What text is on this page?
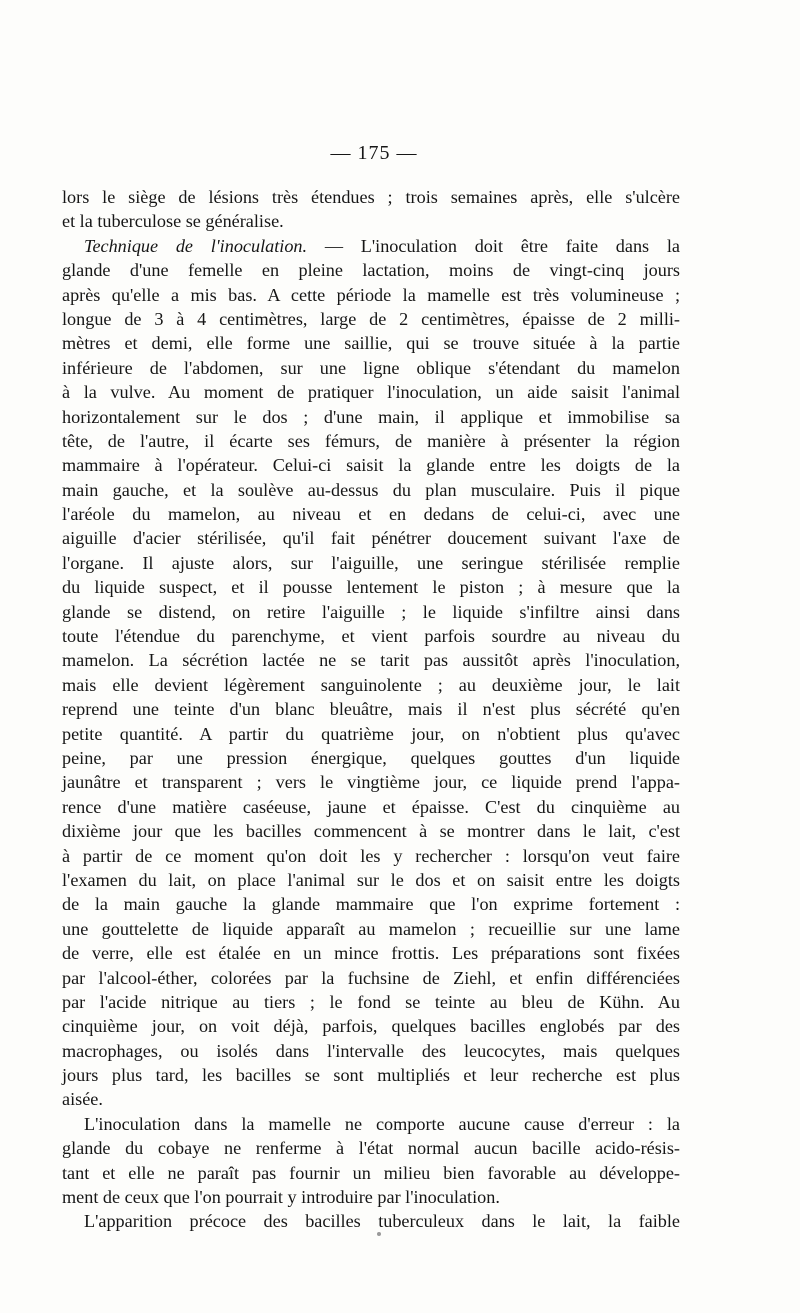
— 175 —
lors le siège de lésions très étendues ; trois semaines après, elle s'ulcère
et la tuberculose se généralise.
Technique de l'inoculation. — L'inoculation doit être faite dans la
glande d'une femelle en pleine lactation, moins de vingt-cinq jours
après qu'elle a mis bas. A cette période la mamelle est très volumineuse ;
longue de 3 à 4 centimètres, large de 2 centimètres, épaisse de 2 milli-
mètres et demi, elle forme une saillie, qui se trouve située à la partie
inférieure de l'abdomen, sur une ligne oblique s'étendant du mamelon
à la vulve. Au moment de pratiquer l'inoculation, un aide saisit l'animal
horizontalement sur le dos ; d'une main, il applique et immobilise sa
tête, de l'autre, il écarte ses fémurs, de manière à présenter la région
mammaire à l'opérateur. Celui-ci saisit la glande entre les doigts de la
main gauche, et la soulève au-dessus du plan musculaire. Puis il pique
l'aréole du mamelon, au niveau et en dedans de celui-ci, avec une
aiguille d'acier stérilisée, qu'il fait pénétrer doucement suivant l'axe de
l'organe. Il ajuste alors, sur l'aiguille, une seringue stérilisée remplie
du liquide suspect, et il pousse lentement le piston ; à mesure que la
glande se distend, on retire l'aiguille ; le liquide s'infiltre ainsi dans
toute l'étendue du parenchyme, et vient parfois sourdre au niveau du
mamelon. La sécrétion lactée ne se tarit pas aussitôt après l'inoculation,
mais elle devient légèrement sanguinolente ; au deuxième jour, le lait
reprend une teinte d'un blanc bleuâtre, mais il n'est plus sécrété qu'en
petite quantité. A partir du quatrième jour, on n'obtient plus qu'avec
peine, par une pression énergique, quelques gouttes d'un liquide
jaunâtre et transparent ; vers le vingtième jour, ce liquide prend l'appa-
rence d'une matière caséeuse, jaune et épaisse. C'est du cinquième au
dixième jour que les bacilles commencent à se montrer dans le lait, c'est
à partir de ce moment qu'on doit les y rechercher : lorsqu'on veut faire
l'examen du lait, on place l'animal sur le dos et on saisit entre les doigts
de la main gauche la glande mammaire que l'on exprime fortement :
une gouttelette de liquide apparaît au mamelon ; recueillie sur une lame
de verre, elle est étalée en un mince frottis. Les préparations sont fixées
par l'alcool-éther, colorées par la fuchsine de Ziehl, et enfin différenciées
par l'acide nitrique au tiers ; le fond se teinte au bleu de Kühn. Au
cinquième jour, on voit déjà, parfois, quelques bacilles englobés par des
macrophages, ou isolés dans l'intervalle des leucocytes, mais quelques
jours plus tard, les bacilles se sont multipliés et leur recherche est plus
aisée.
L'inoculation dans la mamelle ne comporte aucune cause d'erreur : la
glande du cobaye ne renferme à l'état normal aucun bacille acido-résis-
tant et elle ne paraît pas fournir un milieu bien favorable au développe-
ment de ceux que l'on pourrait y introduire par l'inoculation.
L'apparition précoce des bacilles tuberculeux dans le lait, la faible
